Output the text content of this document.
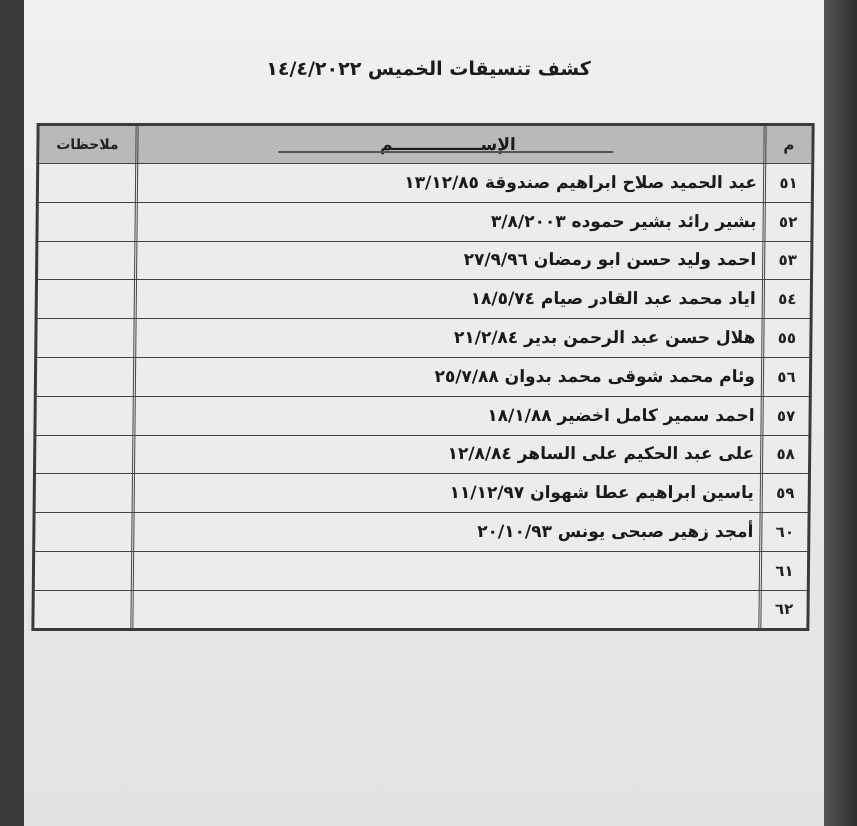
كشف تنسيقات الخميس ١٤/٤/٢٠٢٢
م
الإســـــــــــــــم
ملاحظات
٥١
عبد الحميد صلاح ابراهيم صندوقة ١٣/١٢/٨٥
٥٢
بشير رائد بشير حموده ٣/٨/٢٠٠٣
٥٣
احمد وليد حسن ابو رمضان ٢٧/٩/٩٦
٥٤
اياد محمد عبد القادر صيام ١٨/٥/٧٤
٥٥
هلال حسن عبد الرحمن بدير ٢١/٢/٨٤
٥٦
وئام محمد شوقى محمد بدوان ٢٥/٧/٨٨
٥٧
احمد سمير كامل اخضير ١٨/١/٨٨
٥٨
على عبد الحكيم على الساهر ١٢/٨/٨٤
٥٩
ياسين ابراهيم عطا شهوان ١١/١٢/٩٧
٦٠
أمجد زهير صبحى يونس ٢٠/١٠/٩٣
٦١
٦٢
